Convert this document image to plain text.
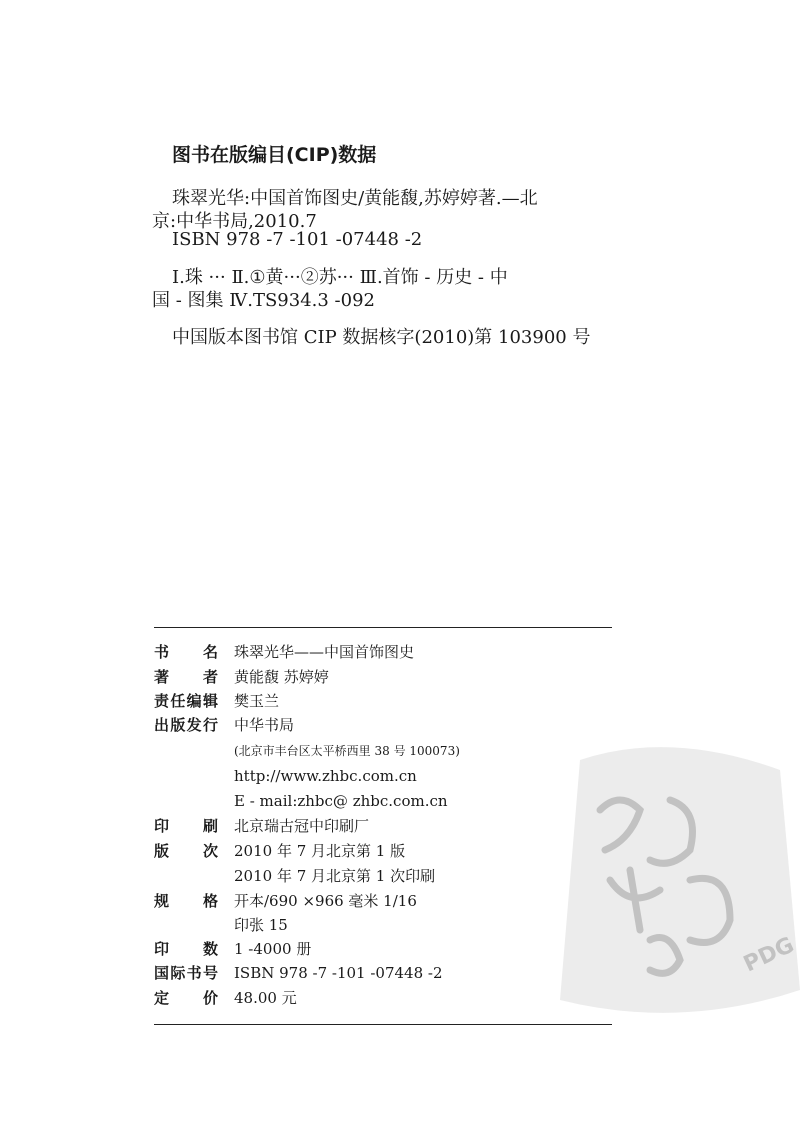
图书在版编目(CIP)数据
珠翠光华:中国首饰图史/黄能馥,苏婷婷著.—北
京:中华书局,2010.7
ISBN 978 -7 -101 -07448 -2
Ⅰ.珠 ··· Ⅱ.①黄···②苏··· Ⅲ.首饰 - 历史 - 中
国 - 图集 Ⅳ.TS934.3 -092
中国版本图书馆 CIP 数据核字(2010)第 103900 号
书 名 珠翠光华——中国首饰图史
著 者 黄能馥 苏婷婷
责 任 编 辑 樊玉兰
出 版 发 行 中华书局
(北京市丰台区太平桥西里 38 号 100073)
http://www.zhbc.com.cn
E - mail:zhbc@ zhbc.com.cn
印 刷 北京瑞古冠中印刷厂
版 次 2010 年 7 月北京第 1 版
2010 年 7 月北京第 1 次印刷
规 格 开本/690 ×966 毫米 1/16
印张 15
印 数 1 -4000 册
国 际 书 号 ISBN 978 -7 -101 -07448 -2
定 价 48.00 元
PDG
